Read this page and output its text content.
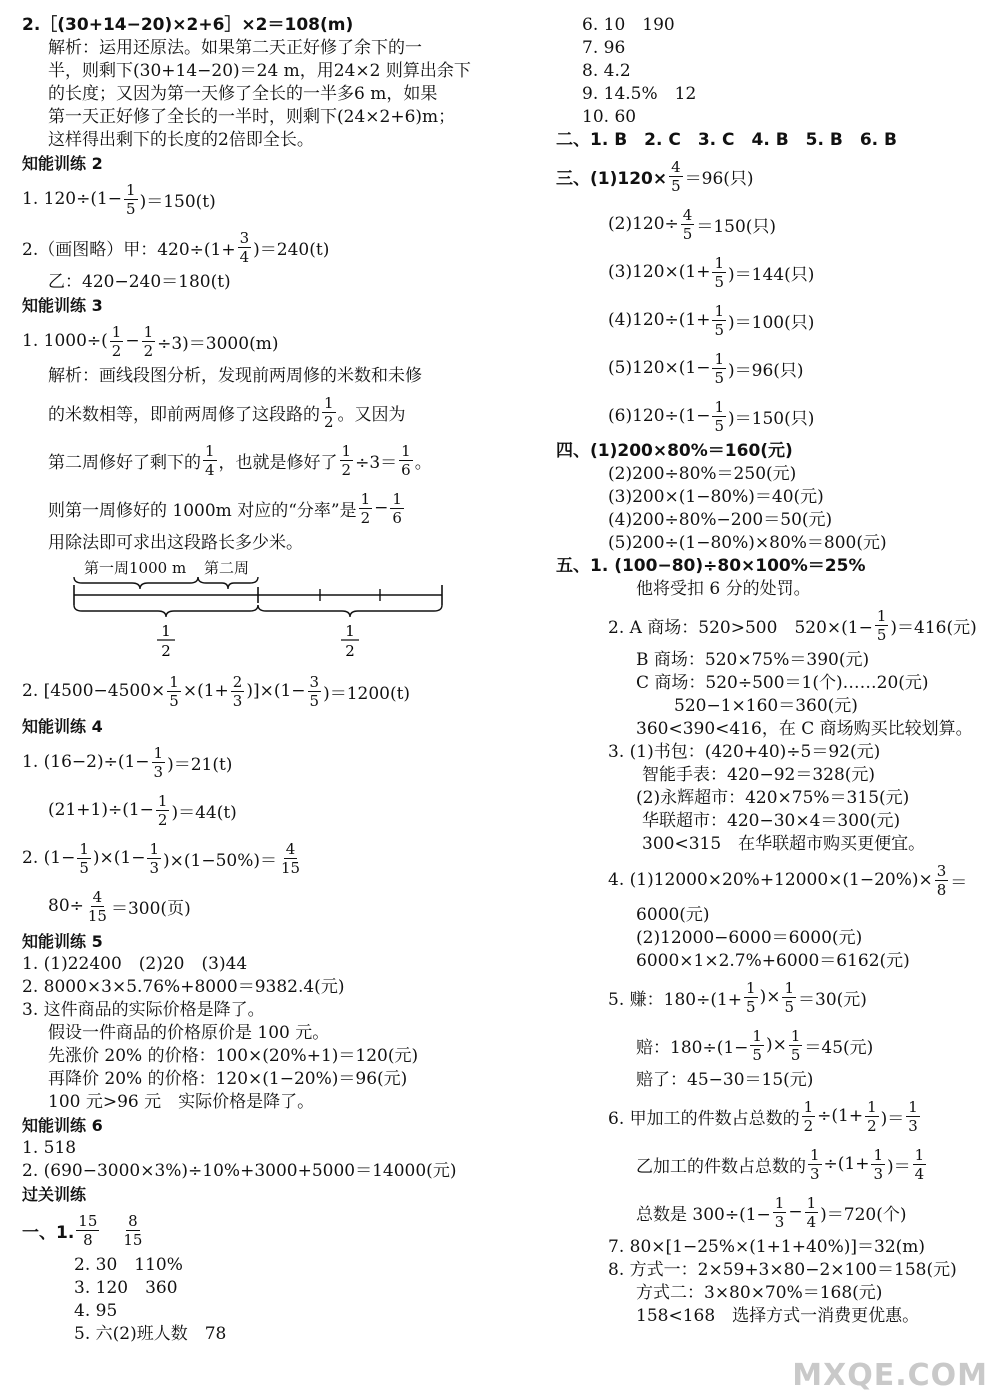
2.［(30+14−20)×2+6］×2＝108(m)
解析：运用还原法。如果第二天正好修了余下的一
半，则剩下(30+14−20)＝24 m，用24×2 则算出余下
的长度；又因为第一天修了全长的一半多6 m，如果
第一天正好修了全长的一半时，则剩下(24×2+6)m；
这样得出剩下的长度的2倍即全长。
知能训练 2
1. $120\div(1- \frac{1}{5} )=150(t)$
2.（画图略）甲：$420\div(1+ \frac{3}{4} )=240(t)$
乙：420−240＝180(t)
知能训练 3
1. 1000÷( 1
$2 - \frac{1}{2} \div 3)=3000(m)$
解析：画线段图分析，发现前两周修的米数和未修
的米数相等，即前两周修了这段路的
1
2 。又因为
第二周修好了剩下的
1
4 ，也就是修好了 $\frac{1}{2} \div 3=$
1
6 。
则第一周修好的 1000m 对应的“分率”是
1
$2 - \frac{1}{6}$
用除法即可求出这段路长多少米。
第一周1000 m 第二周
1
2
1
2
2. $[4500-4500\times \frac{1}{5} \times(1+ \frac{2}{3} )]\times(1- \frac{3}{5} )=1200(t)$
知能训练 4
1. $(16-2)\div(1- \frac{1}{3} )=21(t)$
$(21+1)\div(1- \frac{1}{2} )=44(t)$
2. $(1- \frac{1}{5} )\times(1- \frac{1}{3} )\times(1-50\%)=$
4
15
$80\div \frac{4}{15} =300$(页)
知能训练 5
1. (1)22400　(2)20　(3)44
2. 8000×3×5.76%+8000＝9382.4(元)
3. 这件商品的实际价格是降了。
假设一件商品的价格原价是 100 元。
先涨价 20% 的价格：100×(20%+1)＝120(元)
再降价 20% 的价格：120×(1−20%)＝96(元)
100 元>96 元　实际价格是降了。
知能训练 6
1. 518
2. (690−3000×3%)÷10%+3000+5000＝14000(元)
过关训练
一、1.
15
8
8
15
2. 30　110%
3. 120　360
4. 95
5. 六(2)班人数　78
6. 10　190
7. 96
8. 4.2
9. 14.5%　12
10. 60
二、1. B　2. C　3. C　4. B　5. B　6. B
三、$(1)120\times \frac{4}{5} =96$(只)
$(2)120\div \frac{4}{5} =150$(只)
$(3)120\times(1+ \frac{1}{5} )=144$(只)
$(4)120\div(1+ \frac{1}{5} )=100$(只)
$(5)120\times(1- \frac{1}{5} )=96$(只)
$(6)120\div(1- \frac{1}{5} )=150$(只)
四、(1)200×80%＝160(元)
(2)200÷80%＝250(元)
(3)200×(1−80%)＝40(元)
(4)200÷80%−200＝50(元)
(5)200÷(1−80%)×80%＝800(元)
五、1. (100−80)÷80×100%＝25%
他将受扣 6 分的处罚。
2. A 商场：520>500　$520\times(1- \frac{1}{5} )=416$(元)
B 商场：520×75%＝390(元)
C 商场：520÷500＝1(个)……20(元)
520−1×160＝360(元)
360<390<416，在 C 商场购买比较划算。
3. (1)书包：(420+40)÷5＝92(元)
智能手表：420−92＝328(元)
(2)永辉超市：420×75%＝315(元)
华联超市：420−30×4＝300(元)
300<315　在华联超市购买更便宜。
4. $(1)12000\times 20\%+12000\times(1-20\%)\times \frac{3}{8}$ ＝
6000(元)
(2)12000−6000＝6000(元)
6000×1×2.7%+6000＝6162(元)
5. 赚：$180\div(1+ \frac{1}{5}$ )× $\frac{1}{5} =30$(元)
赔：$180\div(1- \frac{1}{5}$ )× $\frac{1}{5} =45$(元)
赔了：45−30＝15(元)
6. 甲加工的件数占总数的 $\frac{1}{2} \div(1+ \frac{1}{2}$ )＝
1
3
乙加工的件数占总数的 $\frac{1}{3} \div(1+ \frac{1}{3}$ )＝
1
4
总数是 $300\div(1- \frac{1}{3} - \frac{1}{4} )=720$(个)
7. 80×[1−25%×(1+1+40%)]＝32(m)
8. 方式一：2×59+3×80−2×100＝158(元)
方式二：3×80×70%＝168(元)
158<168　选择方式一消费更优惠。
MXQE.COM
